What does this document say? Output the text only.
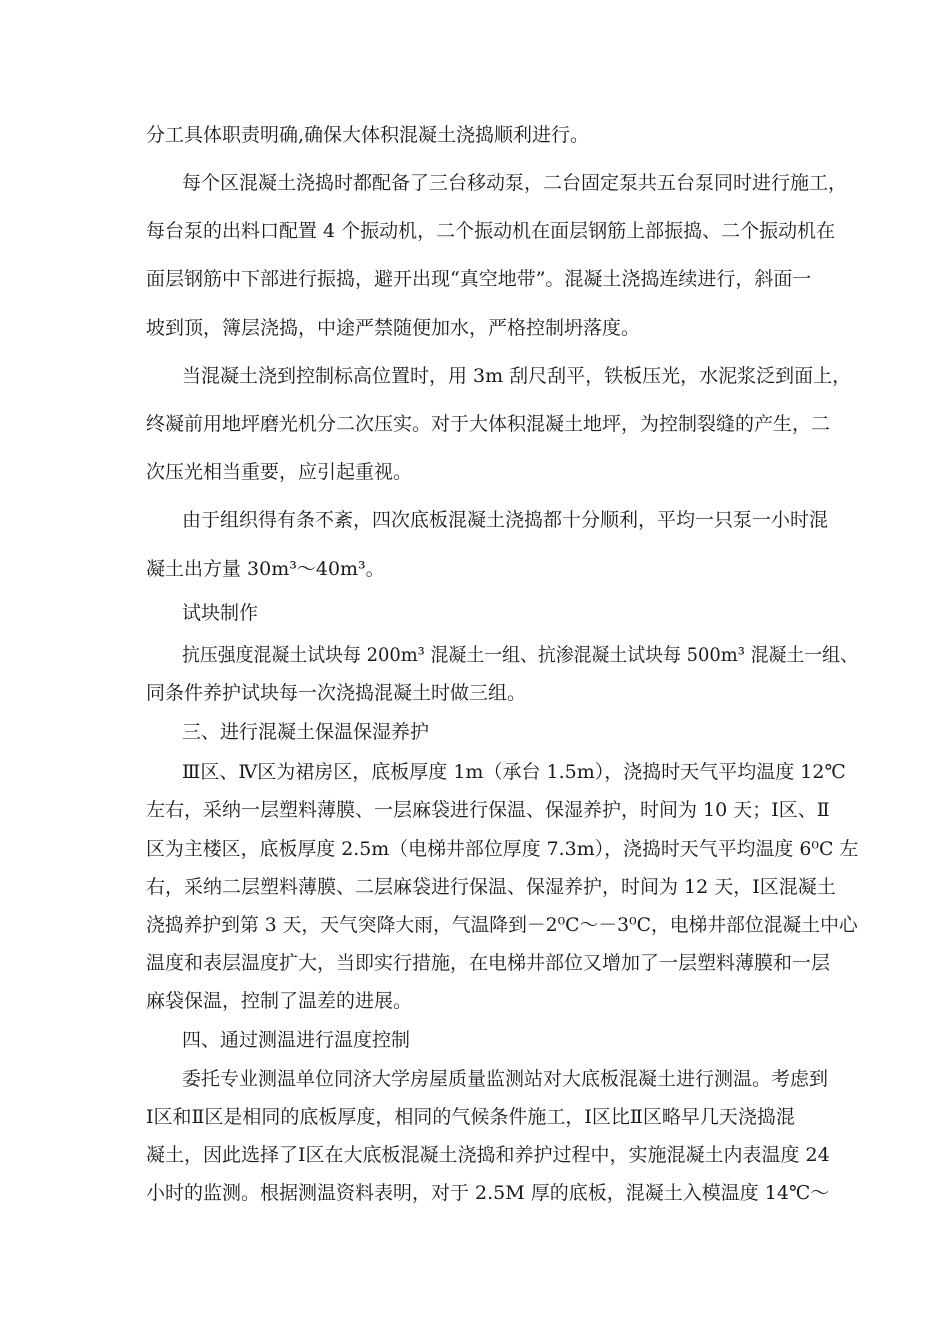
分工具体职责明确,确保大体积混凝土浇捣顺利进行。
每个区混凝土浇捣时都配备了三台移动泵，二台固定泵共五台泵同时进行施工，
每台泵的出料口配置 4 个振动机，二个振动机在面层钢筋上部振捣、二个振动机在
面层钢筋中下部进行振捣，避开出现“真空地带”。混凝土浇捣连续进行，斜面一
坡到顶，簿层浇捣，中途严禁随便加水，严格控制坍落度。
当混凝土浇到控制标高位置时，用 3m 刮尺刮平，铁板压光，水泥浆泛到面上，
终凝前用地坪磨光机分二次压实。对于大体积混凝土地坪，为控制裂缝的产生，二
次压光相当重要，应引起重视。
由于组织得有条不紊，四次底板混凝土浇捣都十分顺利，平均一只泵一小时混
凝土出方量 30m³～40m³。
试块制作
抗压强度混凝土试块每 200m³ 混凝土一组、抗渗混凝土试块每 500m³ 混凝土一组、
同条件养护试块每一次浇捣混凝土时做三组。
三、进行混凝土保温保湿养护
Ⅲ区、Ⅳ区为裙房区，底板厚度 1m（承台 1.5m），浇捣时天气平均温度 12℃
左右，采纳一层塑料薄膜、一层麻袋进行保温、保湿养护，时间为 10 天；Ⅰ区、Ⅱ
区为主楼区，底板厚度 2.5m（电梯井部位厚度 7.3m），浇捣时天气平均温度 6⁰C 左
右，采纳二层塑料薄膜、二层麻袋进行保温、保湿养护，时间为 12 天，Ⅰ区混凝土
浇捣养护到第 3 天，天气突降大雨，气温降到－2⁰C～－3⁰C，电梯井部位混凝土中心
温度和表层温度扩大，当即实行措施，在电梯井部位又增加了一层塑料薄膜和一层
麻袋保温，控制了温差的进展。
四、通过测温进行温度控制
委托专业测温单位同济大学房屋质量监测站对大底板混凝土进行测温。考虑到
Ⅰ区和Ⅱ区是相同的底板厚度，相同的气候条件施工，Ⅰ区比Ⅱ区略早几天浇捣混
凝土，因此选择了Ⅰ区在大底板混凝土浇捣和养护过程中，实施混凝土内表温度 24
小时的监测。根据测温资料表明，对于 2.5M 厚的底板，混凝土入模温度 14℃～
